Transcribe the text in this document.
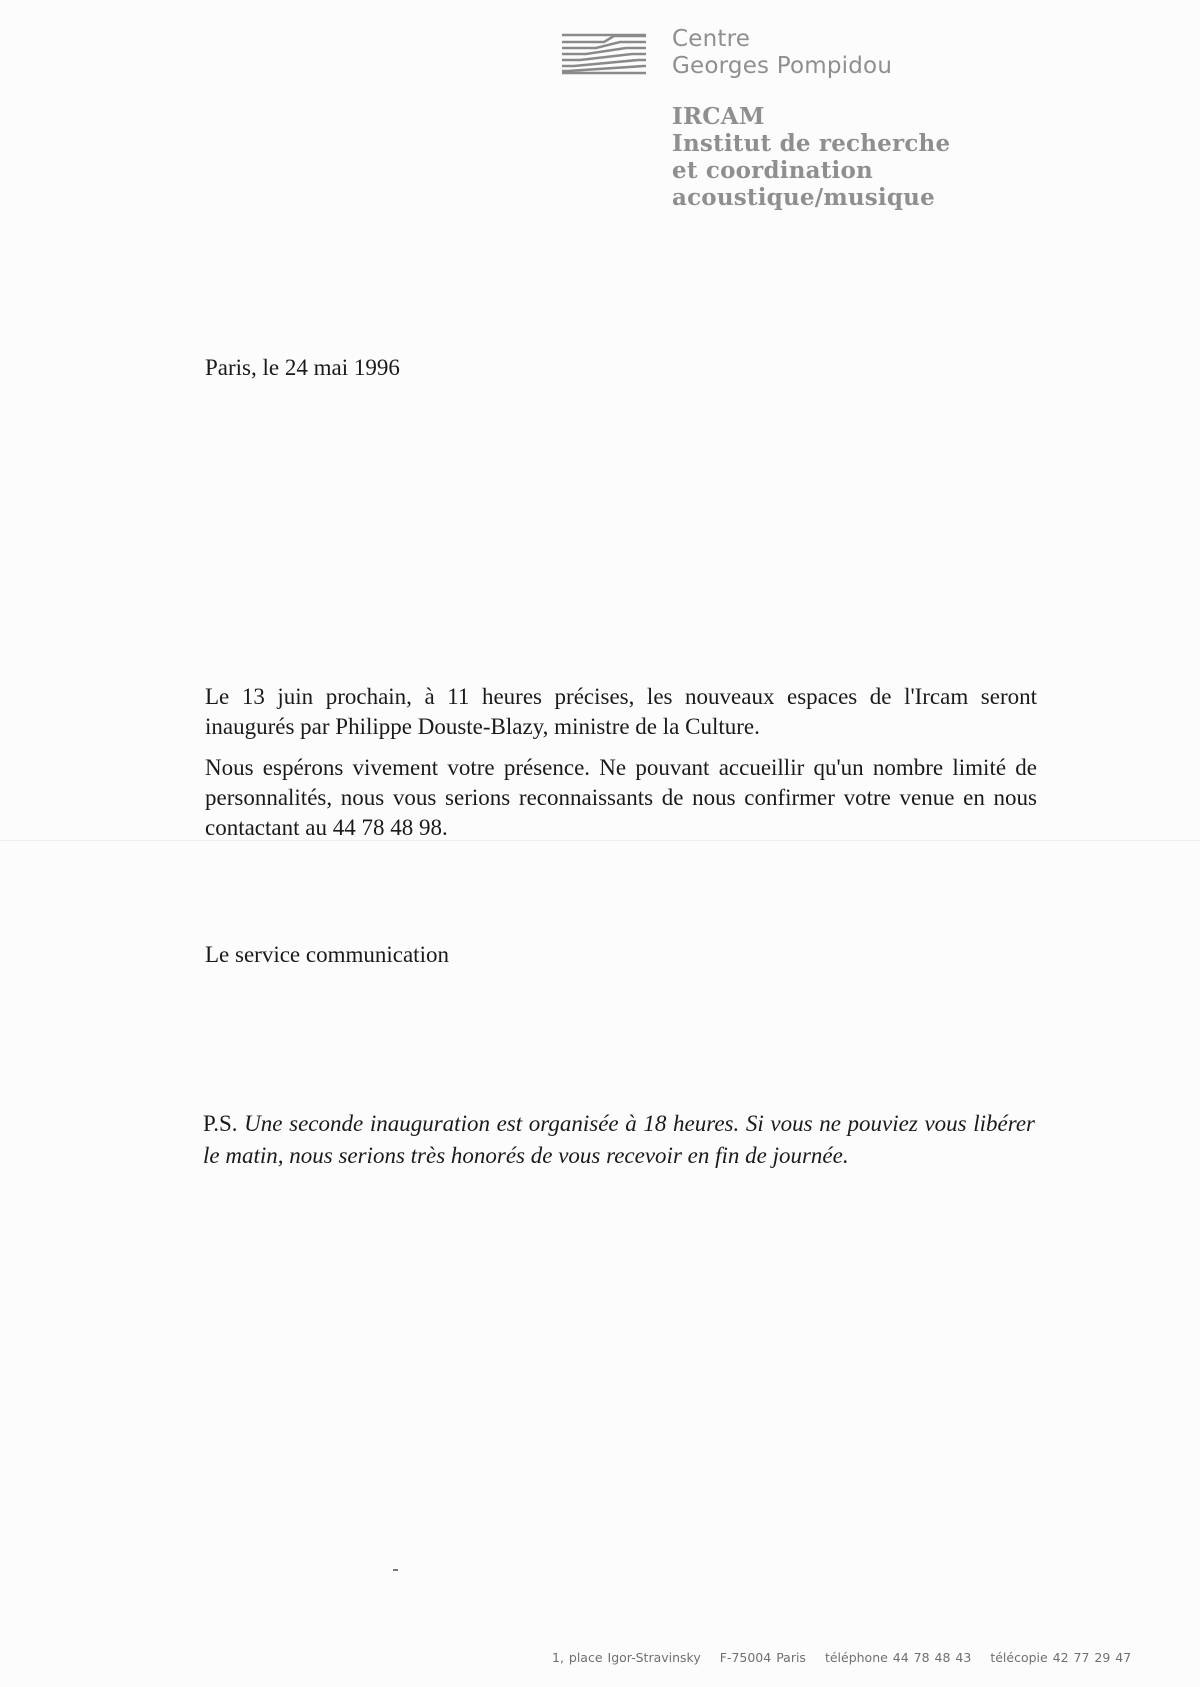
Centre
Georges Pompidou
IRCAM
Institut de recherche
et coordination
acoustique/musique
Paris, le 24 mai 1996

Le 13 juin prochain, à 11 heures précises, les nouveaux espaces de l'Ircam seront inaugurés par Philippe Douste-Blazy, ministre de la Culture.

Nous espérons vivement votre présence. Ne pouvant accueillir qu'un nombre limité de personnalités, nous vous serions reconnaissants de nous confirmer votre venue en nous contactant au 44 78 48 98.

Le service communication
P.S. Une seconde inauguration est organisée à 18 heures. Si vous ne pouviez vous libérer le matin, nous serions très honorés de vous recevoir en fin de journée.
1, place Igor-Stravinsky F-75004 Paris téléphone 44 78 48 43 télécopie 42 77 29 47
